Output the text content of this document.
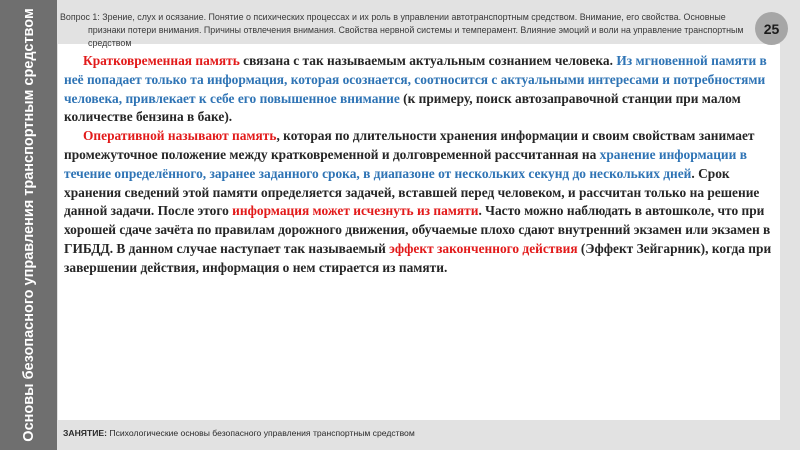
Основы безопасного управления транспортным средством	Вопрос 1: Зрение, слух и осязание. Понятие о психических процессах и их роль в управлении автотранспортным средством. Внимание, его свойства. Основные признаки потери внимания. Причины отвлечения внимания. Свойства нервной системы и темперамент. Влияние эмоций и воли на управление транспортным средством
25

Кратковременная память связана с так называемым актуальным сознанием человека. Из мгновенной памяти в неё попадает только та информация, которая осознается, соотносится с актуальными интересами и потребностями человека, привлекает к себе его повышенное внимание (к примеру, поиск автозаправочной станции при малом количестве бензина в баке).

Оперативной называют память, которая по длительности хранения информации и своим свойствам занимает промежуточное положение между кратковременной и долговременной рассчитанная на хранение информации в течение определённого, заранее заданного срока, в диапазоне от нескольких секунд до нескольких дней. Срок хранения сведений этой памяти определяется задачей, вставшей перед человеком, и рассчитан только на решение данной задачи. После этого информация может исчезнуть из памяти. Часто можно наблюдать в автошколе, что при хорошей сдаче зачёта по правилам дорожного движения, обучаемые плохо сдают внутренний экзамен или экзамен в ГИБДД. В данном случае наступает так называемый эффект законченного действия (Эффект Зейгарник), когда при завершении действия, информация о нем стирается из памяти.

ЗАНЯТИЕ: Психологические основы безопасного управления транспортным средством
